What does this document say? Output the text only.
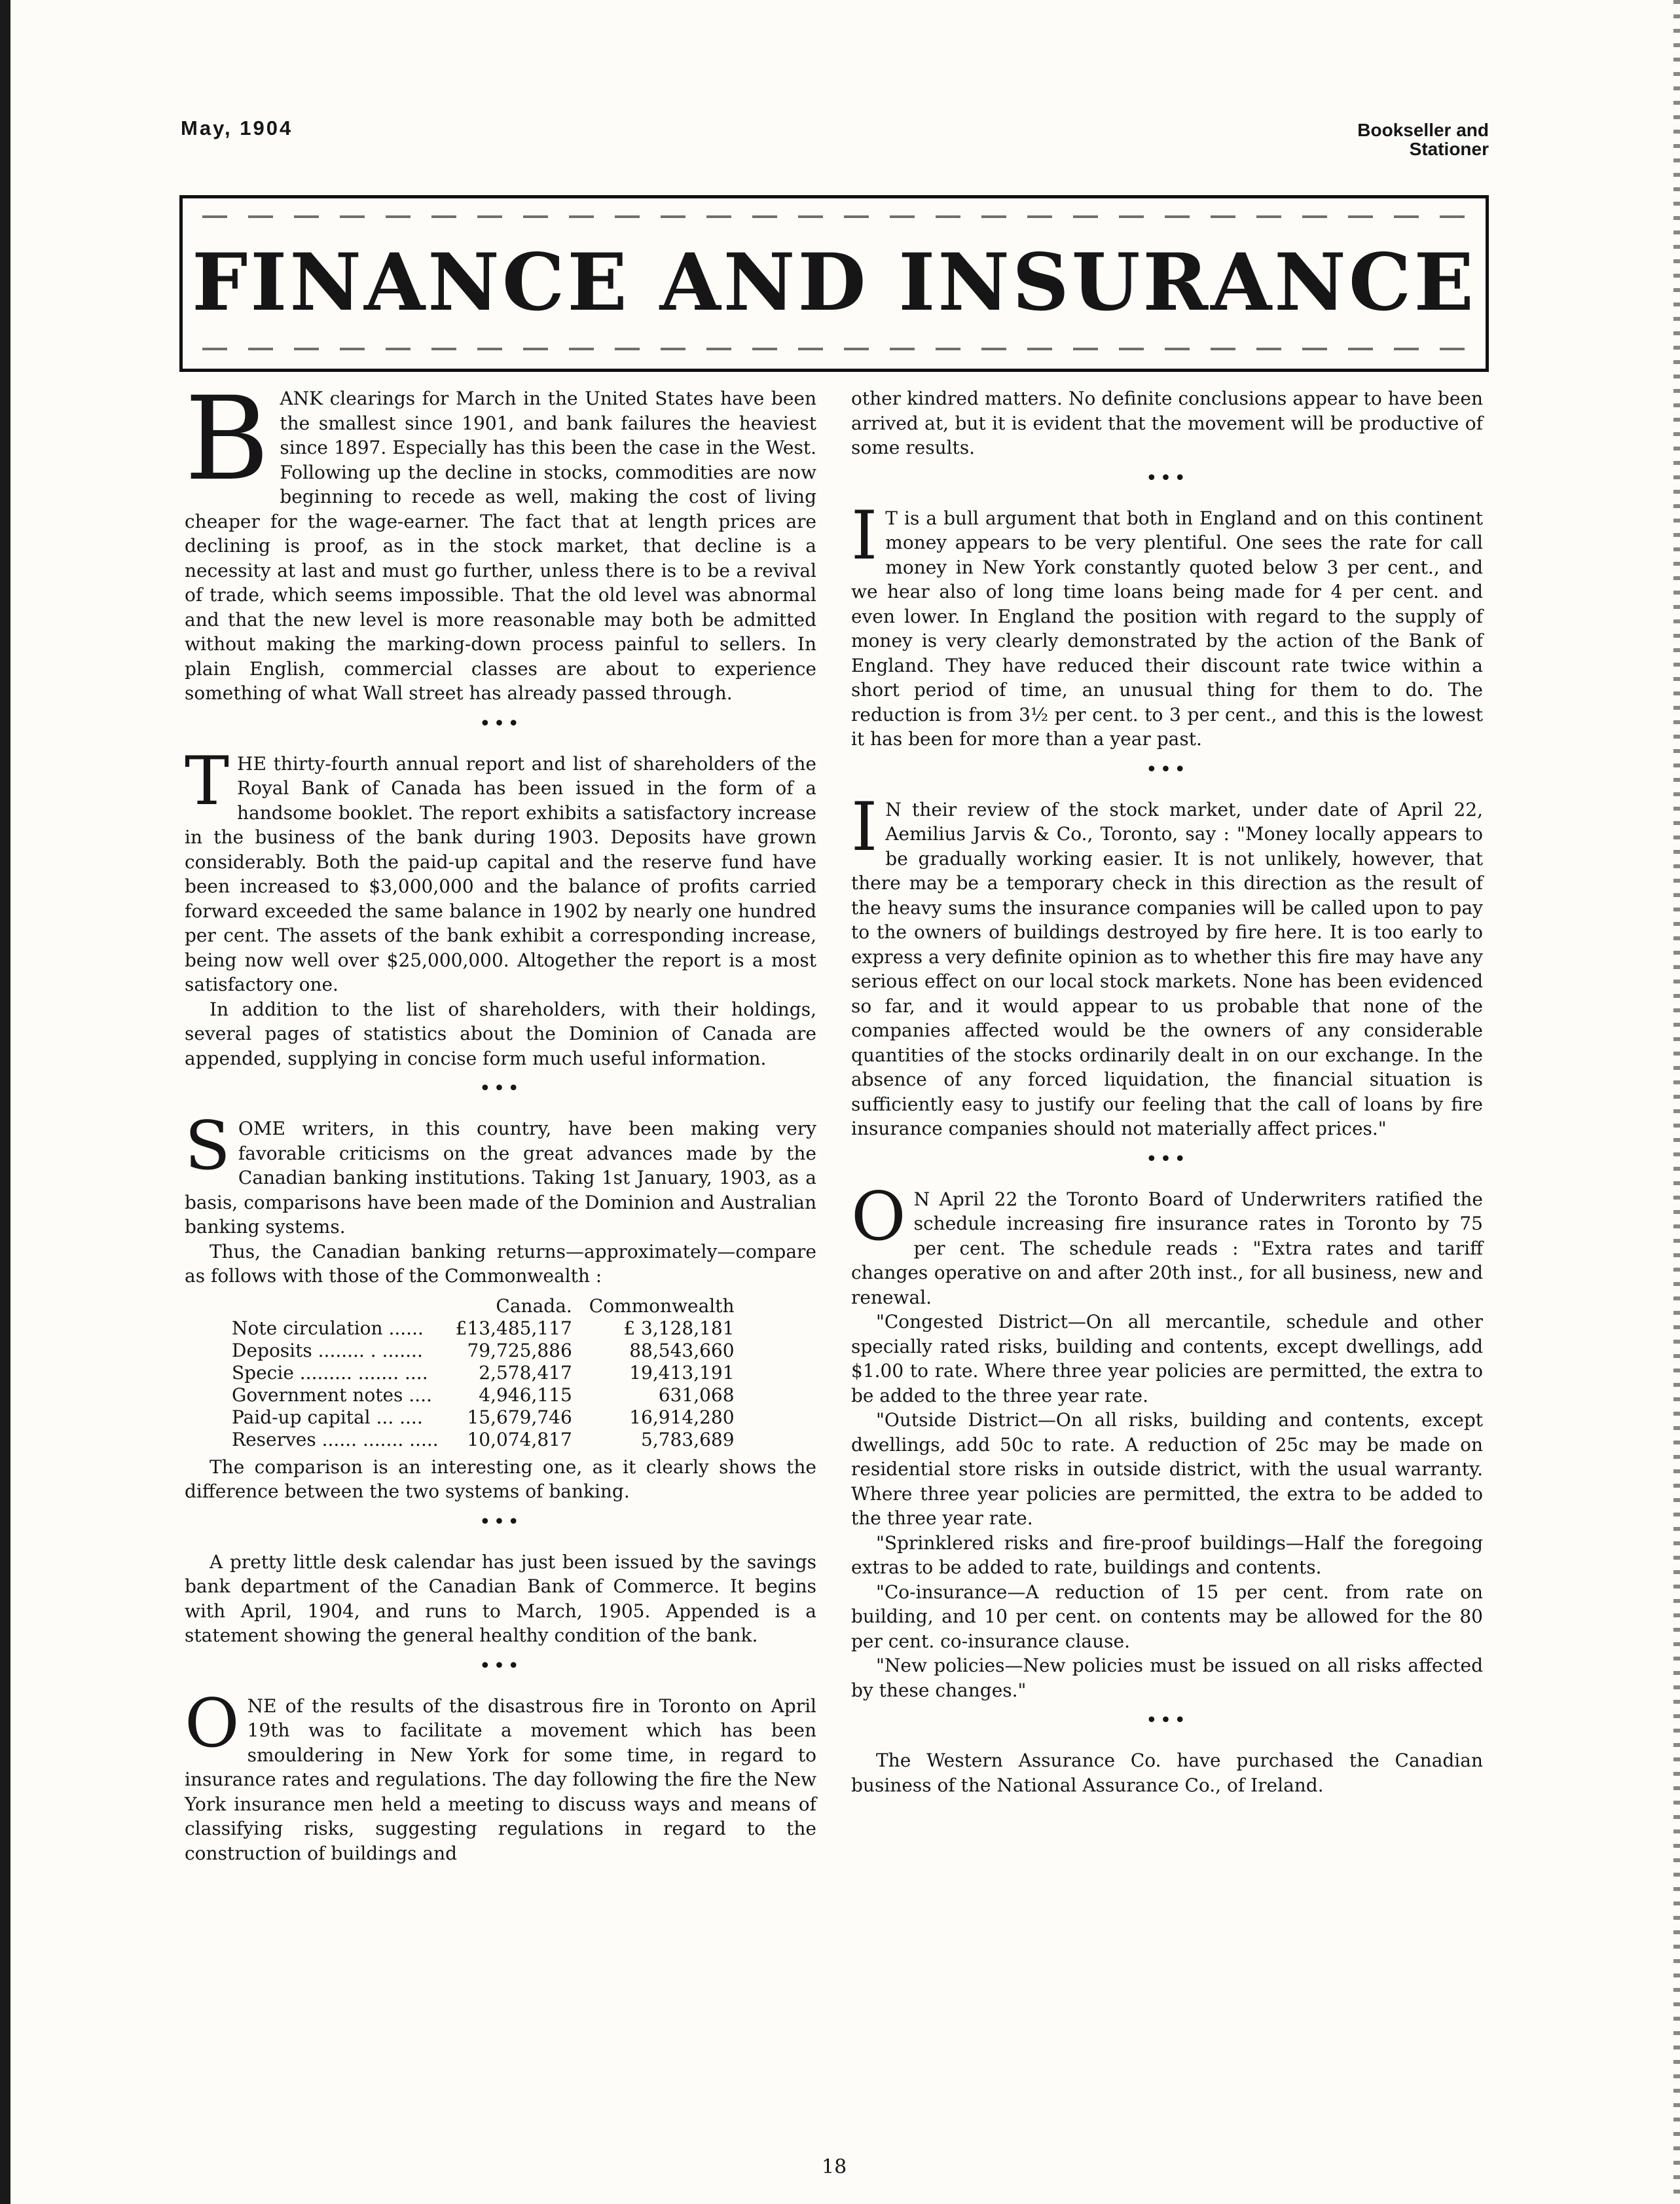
May, 1904	Bookseller and
Stationer
FINANCE AND INSURANCE

BANK clearings for March in the United States have been the smallest since 1901, and bank failures the heaviest since 1897. Especially has this been the case in the West. Following up the decline in stocks, commodities are now beginning to recede as well, making the cost of living cheaper for the wage-earner. The fact that at length prices are declining is proof, as in the stock market, that decline is a necessity at last and must go further, unless there is to be a revival of trade, which seems impossible. That the old level was abnormal and that the new level is more reasonable may both be admitted without making the marking-down process painful to sellers. In plain English, commercial classes are about to experience something of what Wall street has already passed through.

•••

THE thirty-fourth annual report and list of shareholders of the Royal Bank of Canada has been issued in the form of a handsome booklet. The report exhibits a satisfactory increase in the business of the bank during 1903. Deposits have grown considerably. Both the paid-up capital and the reserve fund have been increased to $3,000,000 and the balance of profits carried forward exceeded the same balance in 1902 by nearly one hundred per cent. The assets of the bank exhibit a corresponding increase, being now well over $25,000,000. Altogether the report is a most satisfactory one.

In addition to the list of shareholders, with their holdings, several pages of statistics about the Dominion of Canada are appended, supplying in concise form much useful information.

•••

SOME writers, in this country, have been making very favorable criticisms on the great advances made by the Canadian banking institutions. Taking 1st January, 1903, as a basis, comparisons have been made of the Dominion and Australian banking systems.

Thus, the Canadian banking returns—approximately—compare as follows with those of the Commonwealth :

	Canada.	Commonwealth
Note circulation ......	£13,485,117	£ 3,128,181
Deposits ........ . .......	79,725,886	88,543,660
Specie ......... ....... ....	2,578,417	19,413,191
Government notes ....	4,946,115	631,068
Paid-up capital ... ....	15,679,746	16,914,280
Reserves ...... ....... .....	10,074,817	5,783,689

The comparison is an interesting one, as it clearly shows the difference between the two systems of banking.

•••

A pretty little desk calendar has just been issued by the savings bank department of the Canadian Bank of Commerce. It begins with April, 1904, and runs to March, 1905. Appended is a statement showing the general healthy condition of the bank.

•••

ONE of the results of the disastrous fire in Toronto on April 19th was to facilitate a movement which has been smouldering in New York for some time, in regard to insurance rates and regulations. The day following the fire the New York insurance men held a meeting to discuss ways and means of classifying risks, suggesting regulations in regard to the construction of buildings and

other kindred matters. No definite conclusions appear to have been arrived at, but it is evident that the movement will be productive of some results.

•••

I T is a bull argument that both in England and on this continent money appears to be very plentiful. One sees the rate for call money in New York constantly quoted below 3 per cent., and we hear also of long time loans being made for 4 per cent. and even lower. In England the position with regard to the supply of money is very clearly demonstrated by the action of the Bank of England. They have reduced their discount rate twice within a short period of time, an unusual thing for them to do. The reduction is from 3½ per cent. to 3 per cent., and this is the lowest it has been for more than a year past.

•••

I N their review of the stock market, under date of April 22, Aemilius Jarvis & Co., Toronto, say : "Money locally appears to be gradually working easier. It is not unlikely, however, that there may be a temporary check in this direction as the result of the heavy sums the insurance companies will be called upon to pay to the owners of buildings destroyed by fire here. It is too early to express a very definite opinion as to whether this fire may have any serious effect on our local stock markets. None has been evidenced so far, and it would appear to us probable that none of the companies affected would be the owners of any considerable quantities of the stocks ordinarily dealt in on our exchange. In the absence of any forced liquidation, the financial situation is sufficiently easy to justify our feeling that the call of loans by fire insurance companies should not materially affect prices."

•••

O N April 22 the Toronto Board of Underwriters ratified the schedule increasing fire insurance rates in Toronto by 75 per cent. The schedule reads : "Extra rates and tariff changes operative on and after 20th inst., for all business, new and renewal.

"Congested District—On all mercantile, schedule and other specially rated risks, building and contents, except dwellings, add $1.00 to rate. Where three year policies are permitted, the extra to be added to the three year rate.

"Outside District—On all risks, building and contents, except dwellings, add 50c to rate. A reduction of 25c may be made on residential store risks in outside district, with the usual warranty. Where three year policies are permitted, the extra to be added to the three year rate.

"Sprinklered risks and fire-proof buildings—Half the foregoing extras to be added to rate, buildings and contents.

"Co-insurance—A reduction of 15 per cent. from rate on building, and 10 per cent. on contents may be allowed for the 80 per cent. co-insurance clause.

"New policies—New policies must be issued on all risks affected by these changes."

•••

The Western Assurance Co. have purchased the Canadian business of the National Assurance Co., of Ireland.

18
